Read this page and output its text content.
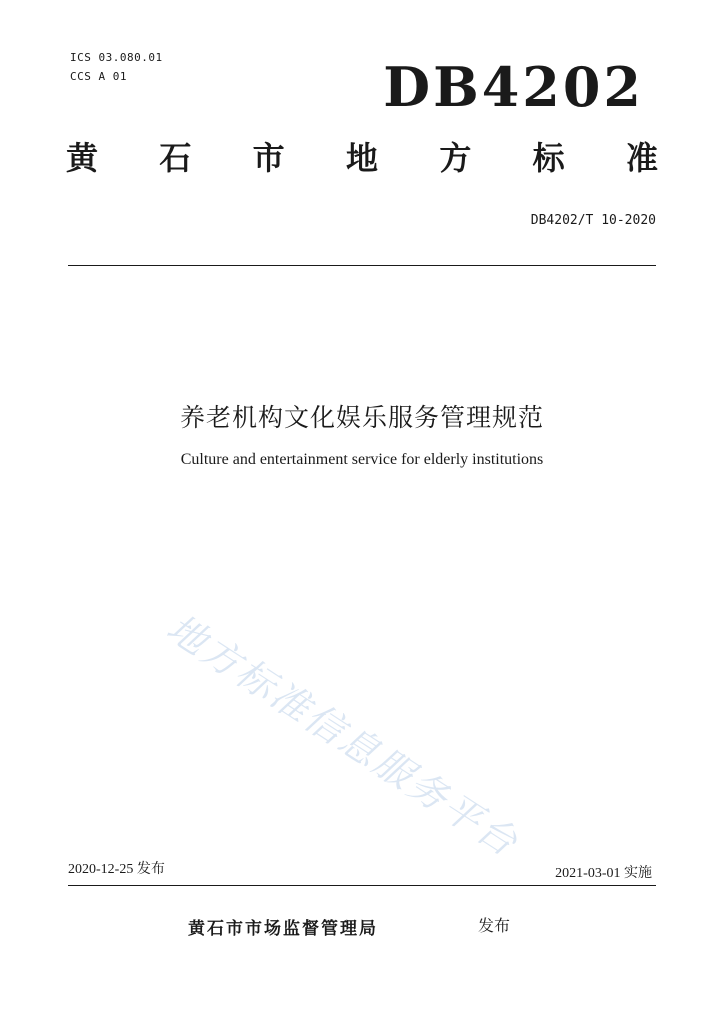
ICS 03.080.01
CCS A 01	DB4202
黄 石 市 地 方 标 准
DB4202/T 10-2020
养老机构文化娱乐服务管理规范
Culture and entertainment service for elderly institutions
地方标准信息服务平台
2020-12-25 发布	2021-03-01 实施
黄石市市场监督管理局	发布
